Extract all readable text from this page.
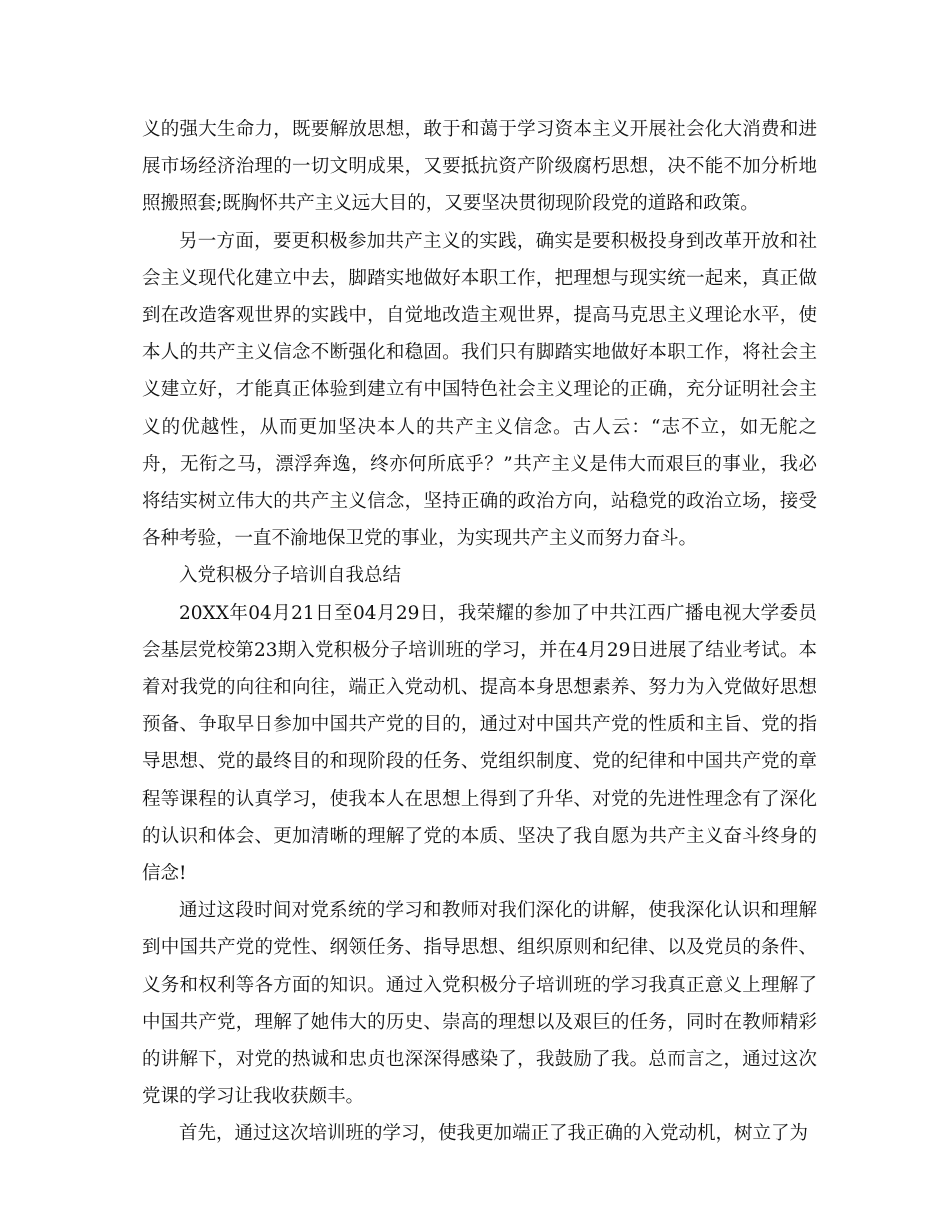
义的强大生命力，既要解放思想，敢于和蔼于学习资本主义开展社会化大消费和进展市场经济治理的一切文明成果，又要抵抗资产阶级腐朽思想，决不能不加分析地照搬照套;既胸怀共产主义远大目的，又要坚决贯彻现阶段党的道路和政策。

另一方面，要更积极参加共产主义的实践，确实是要积极投身到改革开放和社会主义现代化建立中去，脚踏实地做好本职工作，把理想与现实统一起来，真正做到在改造客观世界的实践中，自觉地改造主观世界，提高马克思主义理论水平，使本人的共产主义信念不断强化和稳固。我们只有脚踏实地做好本职工作，将社会主义建立好，才能真正体验到建立有中国特色社会主义理论的正确，充分证明社会主义的优越性，从而更加坚决本人的共产主义信念。古人云：“志不立，如无舵之舟，无衔之马，漂浮奔逸，终亦何所底乎？”共产主义是伟大而艰巨的事业，我必将结实树立伟大的共产主义信念，坚持正确的政治方向，站稳党的政治立场，接受各种考验，一直不渝地保卫党的事业，为实现共产主义而努力奋斗。

入党积极分子培训自我总结

20XX年04月21日至04月29日，我荣耀的参加了中共江西广播电视大学委员会基层党校第23期入党积极分子培训班的学习，并在4月29日进展了结业考试。本着对我党的向往和向往，端正入党动机、提高本身思想素养、努力为入党做好思想预备、争取早日参加中国共产党的目的，通过对中国共产党的性质和主旨、党的指导思想、党的最终目的和现阶段的任务、党组织制度、党的纪律和中国共产党的章程等课程的认真学习，使我本人在思想上得到了升华、对党的先进性理念有了深化的认识和体会、更加清晰的理解了党的本质、坚决了我自愿为共产主义奋斗终身的信念!

通过这段时间对党系统的学习和教师对我们深化的讲解，使我深化认识和理解到中国共产党的党性、纲领任务、指导思想、组织原则和纪律、以及党员的条件、义务和权利等各方面的知识。通过入党积极分子培训班的学习我真正意义上理解了中国共产党，理解了她伟大的历史、崇高的理想以及艰巨的任务，同时在教师精彩的讲解下，对党的热诚和忠贞也深深得感染了，我鼓励了我。总而言之，通过这次党课的学习让我收获颇丰。

首先，通过这次培训班的学习，使我更加端正了我正确的入党动机，树立了为
